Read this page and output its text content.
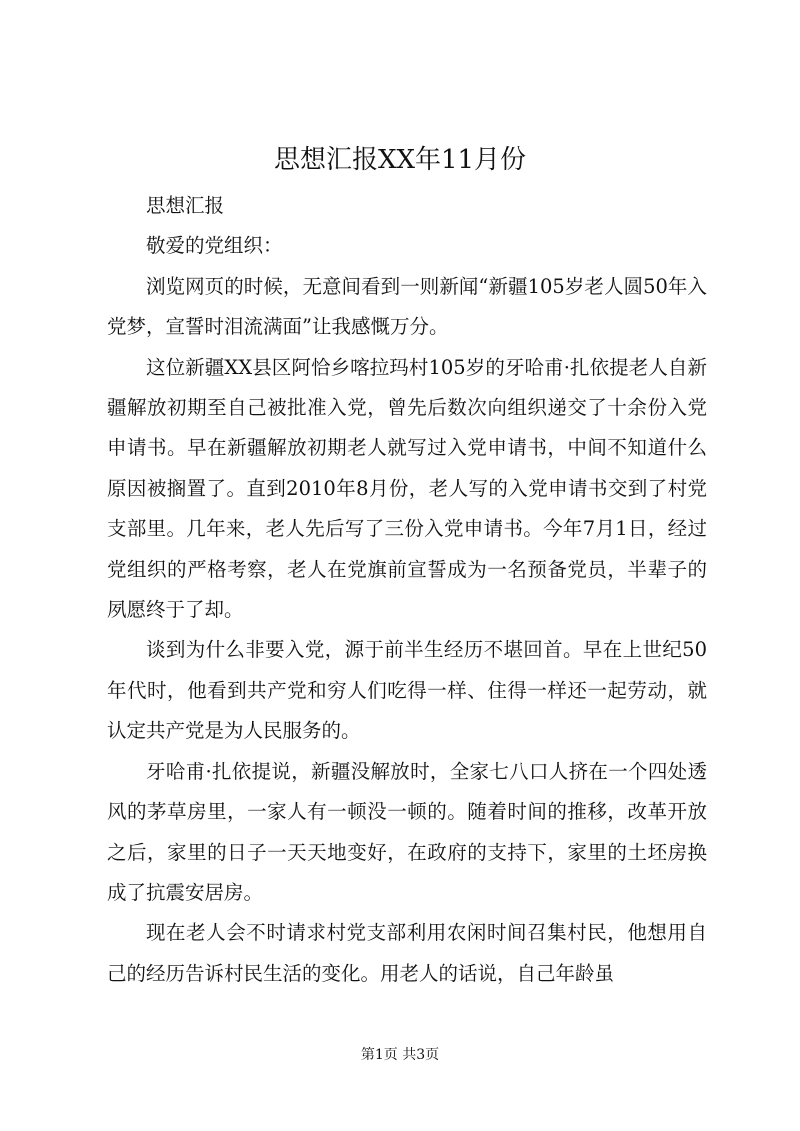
思想汇报XX年11月份

思想汇报

敬爱的党组织：

浏览网页的时候，无意间看到一则新闻“新疆105岁老人圆50年入党梦，宣誓时泪流满面”让我感慨万分。

这位新疆XX县区阿恰乡喀拉玛村105岁的牙哈甫·扎依提老人自新疆解放初期至自己被批准入党，曾先后数次向组织递交了十余份入党申请书。早在新疆解放初期老人就写过入党申请书，中间不知道什么原因被搁置了。直到2010年8月份，老人写的入党申请书交到了村党支部里。几年来，老人先后写了三份入党申请书。今年7月1日，经过党组织的严格考察，老人在党旗前宣誓成为一名预备党员，半辈子的夙愿终于了却。

谈到为什么非要入党，源于前半生经历不堪回首。早在上世纪50年代时，他看到共产党和穷人们吃得一样、住得一样还一起劳动，就认定共产党是为人民服务的。

牙哈甫·扎依提说，新疆没解放时，全家七八口人挤在一个四处透风的茅草房里，一家人有一顿没一顿的。随着时间的推移，改革开放之后，家里的日子一天天地变好，在政府的支持下，家里的土坯房换成了抗震安居房。

现在老人会不时请求村党支部利用农闲时间召集村民，他想用自己的经历告诉村民生活的变化。用老人的话说，自己年龄虽

第1页 共3页
